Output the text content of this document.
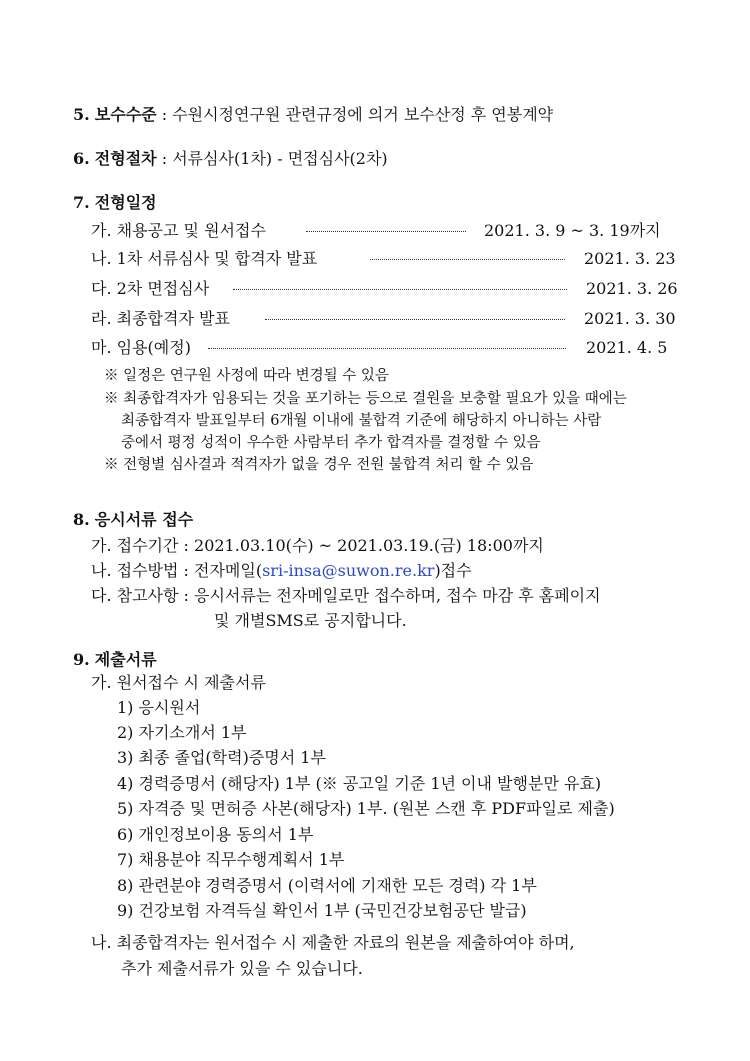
5. 보수수준 : 수원시정연구원 관련규정에 의거 보수산정 후 연봉계약
6. 전형절차 : 서류심사(1차) - 면접심사(2차)
7. 전형일정
가. 채용공고 및 원서접수	2021. 3. 9 ~ 3. 19까지
나. 1차 서류심사 및 합격자 발표	2021. 3. 23
다. 2차 면접심사	2021. 3. 26
라. 최종합격자 발표	2021. 3. 30
마. 임용(예정)	2021. 4. 5
※ 일정은 연구원 사정에 따라 변경될 수 있음
※ 최종합격자가 임용되는 것을 포기하는 등으로 결원을 보충할 필요가 있을 때에는
최종합격자 발표일부터 6개월 이내에 불합격 기준에 해당하지 아니하는 사람
중에서 평정 성적이 우수한 사람부터 추가 합격자를 결정할 수 있음
※ 전형별 심사결과 적격자가 없을 경우 전원 불합격 처리 할 수 있음
8. 응시서류 접수
가. 접수기간 : 2021.03.10(수) ~ 2021.03.19.(금) 18:00까지
나. 접수방법 : 전자메일(sri-insa@suwon.re.kr)접수
다. 참고사항 : 응시서류는 전자메일로만 접수하며, 접수 마감 후 홈페이지
및 개별SMS로 공지합니다.
9. 제출서류
가. 원서접수 시 제출서류
1) 응시원서
2) 자기소개서 1부
3) 최종 졸업(학력)증명서 1부
4) 경력증명서 (해당자) 1부 (※ 공고일 기준 1년 이내 발행분만 유효)
5) 자격증 및 면허증 사본(해당자) 1부. (원본 스캔 후 PDF파일로 제출)
6) 개인정보이용 동의서 1부
7) 채용분야 직무수행계획서 1부
8) 관련분야 경력증명서 (이력서에 기재한 모든 경력) 각 1부
9) 건강보험 자격득실 확인서 1부 (국민건강보험공단 발급)
나. 최종합격자는 원서접수 시 제출한 자료의 원본을 제출하여야 하며,
추가 제출서류가 있을 수 있습니다.
